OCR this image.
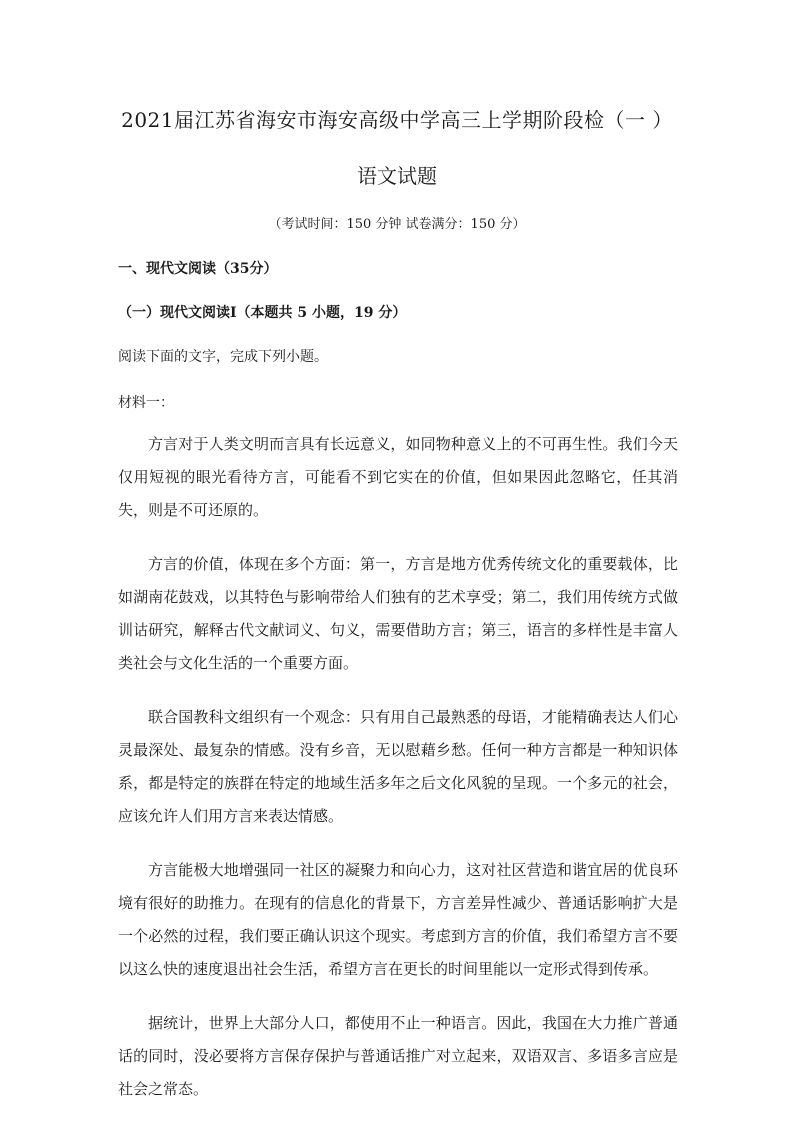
2021届江苏省海安市海安高级中学高三上学期阶段检（一 ）
语文试题
（考试时间：150 分钟 试卷满分：150 分）
一、现代文阅读（35分）
（一）现代文阅读Ⅰ（本题共 5 小题，19 分）
阅读下面的文字，完成下列小题。
材料一：

方言对于人类文明而言具有长远意义，如同物种意义上的不可再生性。我们今天仅用短视的眼光看待方言，可能看不到它实在的价值，但如果因此忽略它，任其消失，则是不可还原的。

方言的价值，体现在多个方面：第一，方言是地方优秀传统文化的重要载体，比如湖南花鼓戏，以其特色与影响带给人们独有的艺术享受；第二，我们用传统方式做训诂研究，解释古代文献词义、句义，需要借助方言；第三，语言的多样性是丰富人类社会与文化生活的一个重要方面。

联合国教科文组织有一个观念：只有用自己最熟悉的母语，才能精确表达人们心灵最深处、最复杂的情感。没有乡音，无以慰藉乡愁。任何一种方言都是一种知识体系，都是特定的族群在特定的地域生活多年之后文化风貌的呈现。一个多元的社会，应该允许人们用方言来表达情感。

方言能极大地增强同一社区的凝聚力和向心力，这对社区营造和谐宜居的优良环境有很好的助推力。在现有的信息化的背景下，方言差异性减少、普通话影响扩大是一个必然的过程，我们要正确认识这个现实。考虑到方言的价值，我们希望方言不要以这么快的速度退出社会生活，希望方言在更长的时间里能以一定形式得到传承。

据统计，世界上大部分人口，都使用不止一种语言。因此，我国在大力推广普通话的同时，没必要将方言保存保护与普通话推广对立起来，双语双言、多语多言应是社会之常态。
